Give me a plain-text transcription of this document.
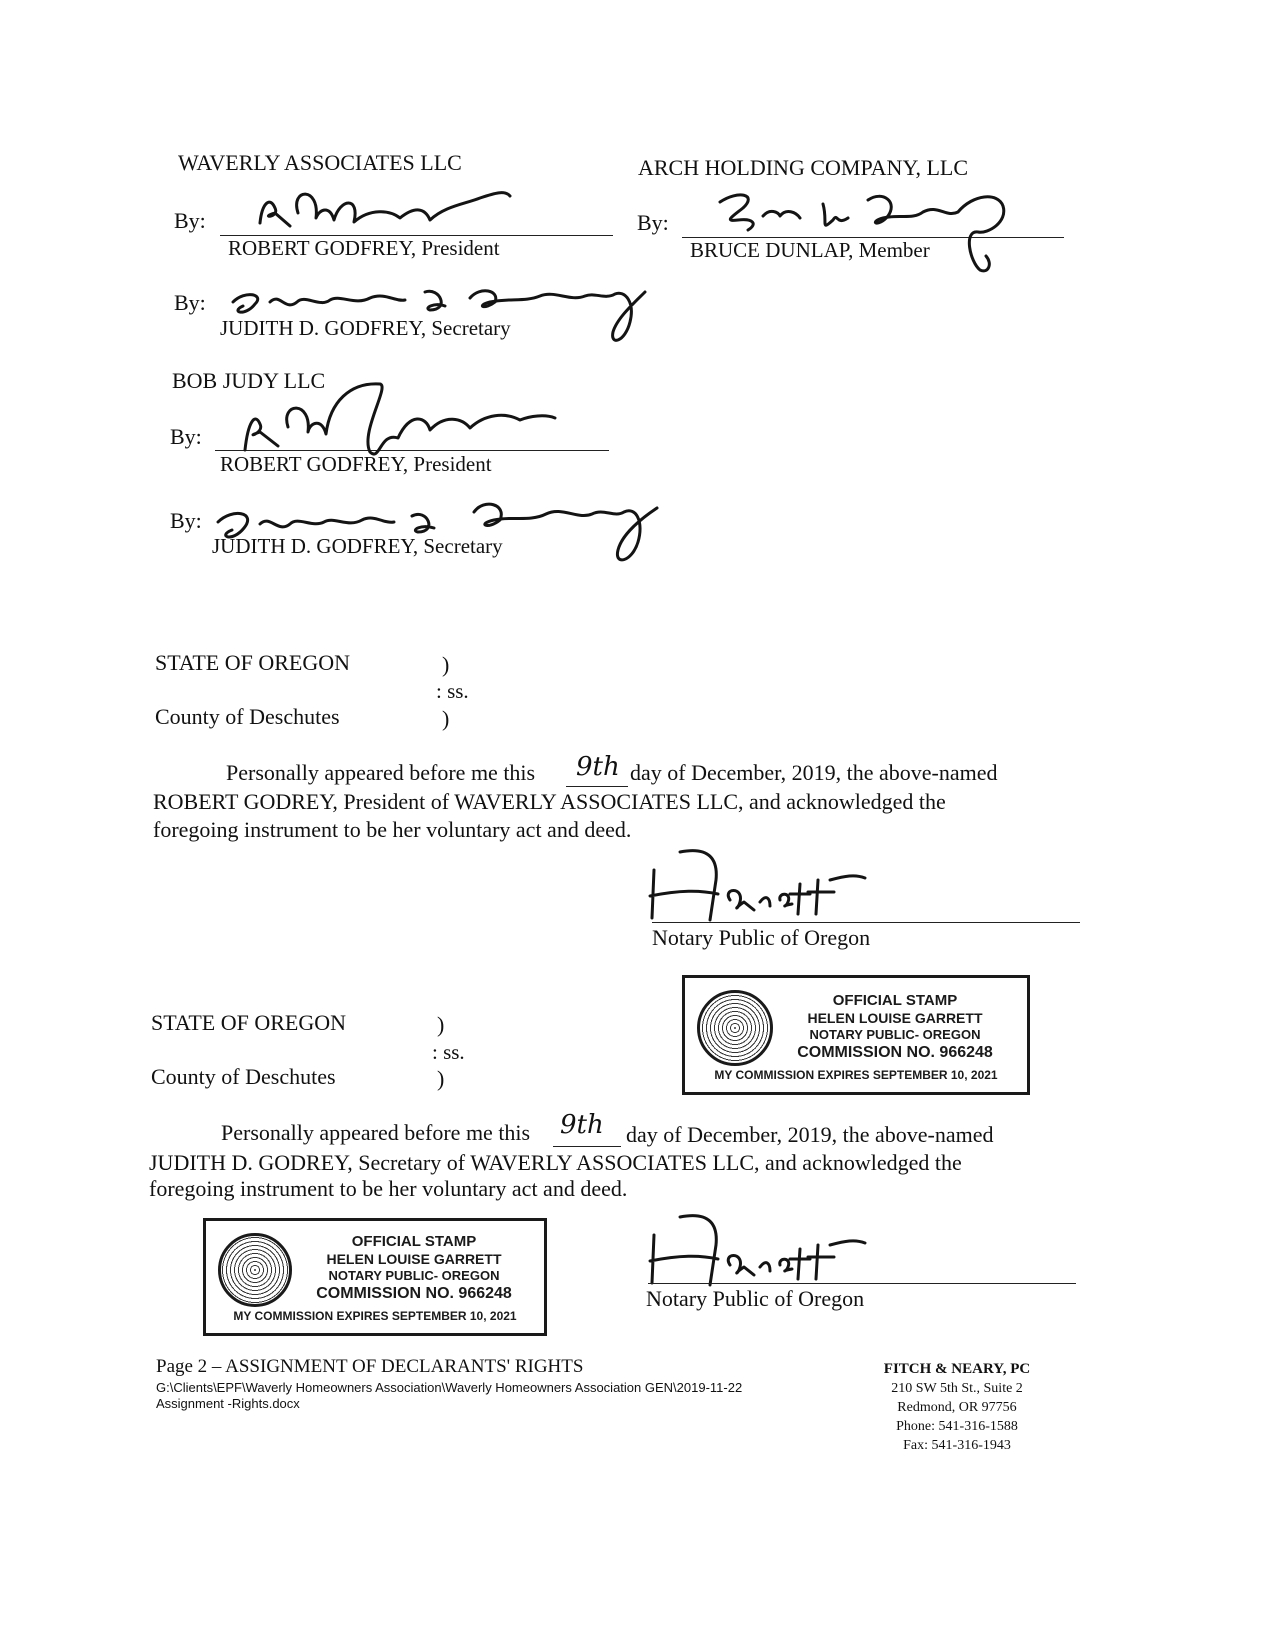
WAVERLY ASSOCIATES LLC
By:
ROBERT GODFREY, President
By:
JUDITH D. GODFREY, Secretary
ARCH HOLDING COMPANY, LLC
By:
BRUCE DUNLAP, Member
BOB JUDY LLC
By:
ROBERT GODFREY, President
By:
JUDITH D. GODFREY, Secretary
STATE OF OREGON	)
: ss.
County of Deschutes	)
Personally appeared before me this 9th day of December, 2019, the above-named
ROBERT GODREY, President of WAVERLY ASSOCIATES LLC, and acknowledged the
foregoing instrument to be her voluntary act and deed.
Notary Public of Oregon
OFFICIAL STAMP
HELEN LOUISE GARRETT
NOTARY PUBLIC- OREGON
COMMISSION NO. 966248
MY COMMISSION EXPIRES SEPTEMBER 10, 2021
STATE OF OREGON	)
: ss.
County of Deschutes	)
Personally appeared before me this 9th day of December, 2019, the above-named
JUDITH D. GODREY, Secretary of WAVERLY ASSOCIATES LLC, and acknowledged the
foregoing instrument to be her voluntary act and deed.
OFFICIAL STAMP
HELEN LOUISE GARRETT
NOTARY PUBLIC- OREGON
COMMISSION NO. 966248
MY COMMISSION EXPIRES SEPTEMBER 10, 2021
Notary Public of Oregon
Page 2 – ASSIGNMENT OF DECLARANTS' RIGHTS
G:\Clients\EPF\Waverly Homeowners Association\Waverly Homeowners Association GEN\2019-11-22
Assignment -Rights.docx
FITCH & NEARY, PC
210 SW 5th St., Suite 2
Redmond, OR 97756
Phone: 541-316-1588
Fax: 541-316-1943
